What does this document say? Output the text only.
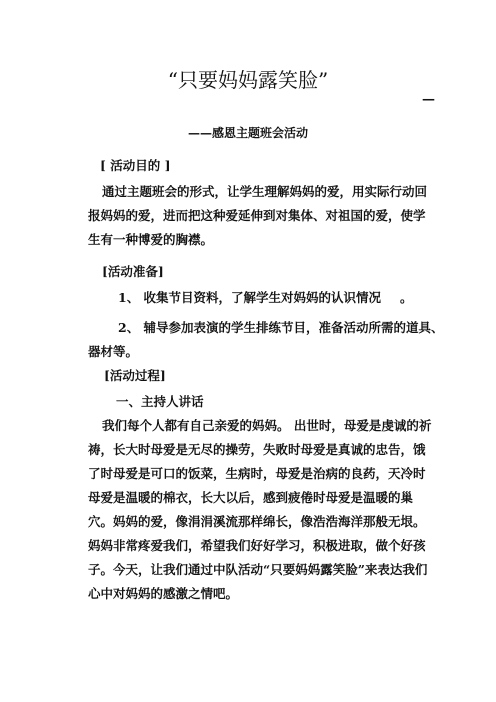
“只要妈妈露笑脸”
—
——感恩主题班会活动
[ 活动目的 ]

通过主题班会的形式，让学生理解妈妈的爱，用实际行动回报妈妈的爱，进而把这种爱延伸到对集体、对祖国的爱，使学生有一种博爱的胸襟。

[活动准备]
1、 收集节目资料，了解学生对妈妈的认识情况 。
2、 辅导参加表演的学生排练节目，准备活动所需的道具、
器材等。
[活动过程]
一、主持人讲话

我们每个人都有自己亲爱的妈妈。 出世时，母爱是虔诚的祈祷，长大时母爱是无尽的操劳，失败时母爱是真诚的忠告，饿了时母爱是可口的饭菜，生病时，母爱是治病的良药，天冷时母爱是温暖的棉衣，长大以后，感到疲倦时母爱是温暖的巢穴。妈妈的爱，像涓涓溪流那样绵长，像浩浩海洋那般无垠。妈妈非常疼爱我们，希望我们好好学习，积极进取，做个好孩子。今天，让我们通过中队活动“只要妈妈露笑脸”来表达我们心中对妈妈的感激之情吧。
